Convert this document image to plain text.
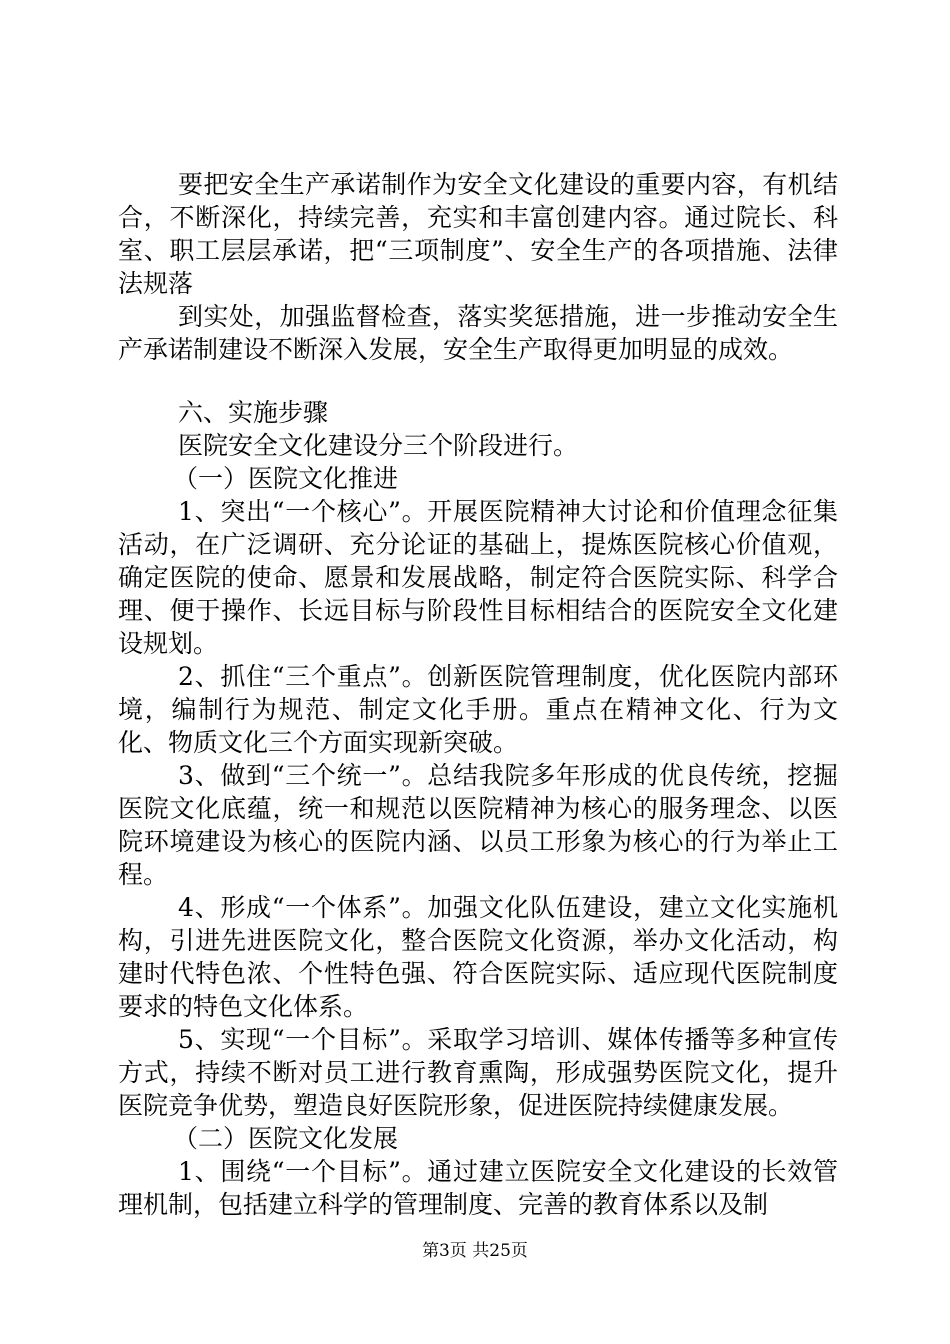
要把安全生产承诺制作为安全文化建设的重要内容，有机结合，不断深化，持续完善，充实和丰富创建内容。通过院长、科室、职工层层承诺，把“三项制度”、安全生产的各项措施、法律法规落

到实处，加强监督检查，落实奖惩措施，进一步推动安全生产承诺制建设不断深入发展，安全生产取得更加明显的成效。

六、实施步骤

医院安全文化建设分三个阶段进行。

（一）医院文化推进

1、突出“一个核心”。开展医院精神大讨论和价值理念征集活动，在广泛调研、充分论证的基础上，提炼医院核心价值观，确定医院的使命、愿景和发展战略，制定符合医院实际、科学合理、便于操作、长远目标与阶段性目标相结合的医院安全文化建设规划。

2、抓住“三个重点”。创新医院管理制度，优化医院内部环境，编制行为规范、制定文化手册。重点在精神文化、行为文化、物质文化三个方面实现新突破。

3、做到“三个统一”。总结我院多年形成的优良传统，挖掘医院文化底蕴，统一和规范以医院精神为核心的服务理念、以医院环境建设为核心的医院内涵、以员工形象为核心的行为举止工程。

4、形成“一个体系”。加强文化队伍建设，建立文化实施机构，引进先进医院文化，整合医院文化资源，举办文化活动，构建时代特色浓、个性特色强、符合医院实际、适应现代医院制度要求的特色文化体系。

5、实现“一个目标”。采取学习培训、媒体传播等多种宣传方式，持续不断对员工进行教育熏陶，形成强势医院文化，提升医院竞争优势，塑造良好医院形象，促进医院持续健康发展。

（二）医院文化发展

1、围绕“一个目标”。通过建立医院安全文化建设的长效管理机制，包括建立科学的管理制度、完善的教育体系以及制

第3页 共25页
